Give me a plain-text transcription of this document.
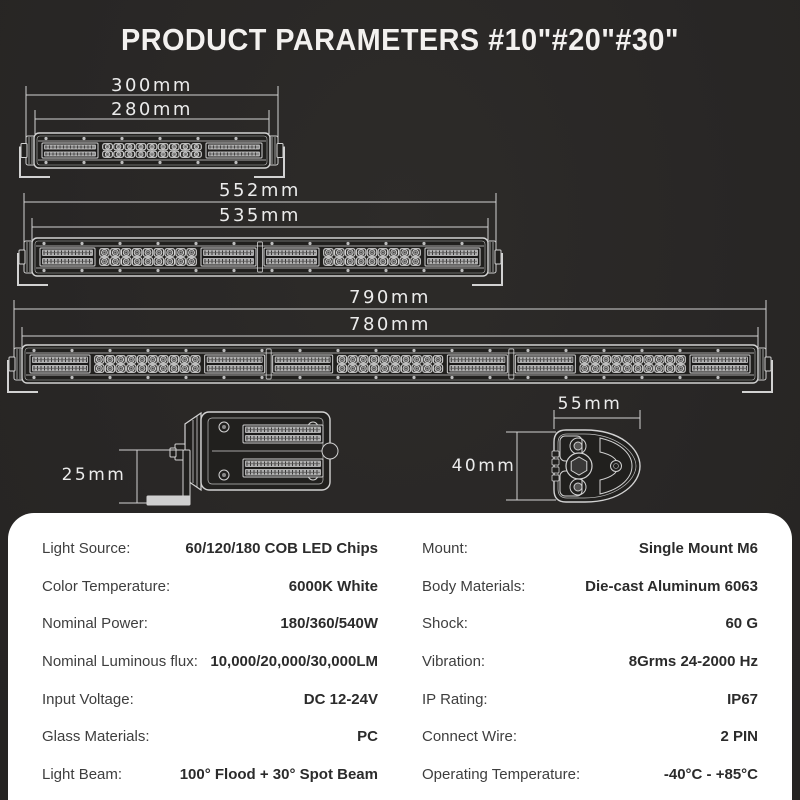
PRODUCT PARAMETERS #10"#20"#30"
300mm
280mm
552mm
535mm
790mm
780mm
25mm	40mm
55mm
Light Source:	60/120/180 COB LED Chips
Color Temperature:	6000K White
Nominal Power:	180/360/540W
Nominal Luminous flux: 10,000/20,000/30,000LM
Input Voltage:	DC 12-24V
Glass Materials:	PC
Light Beam:	100° Flood + 30° Spot Beam
Mount:	Single Mount M6
Body Materials:	Die-cast Aluminum 6063
Shock:	60 G
Vibration:	8Grms 24-2000 Hz
IP Rating:	IP67
Connect Wire:	2 PIN
Operating Temperature:	-40°C - +85°C
